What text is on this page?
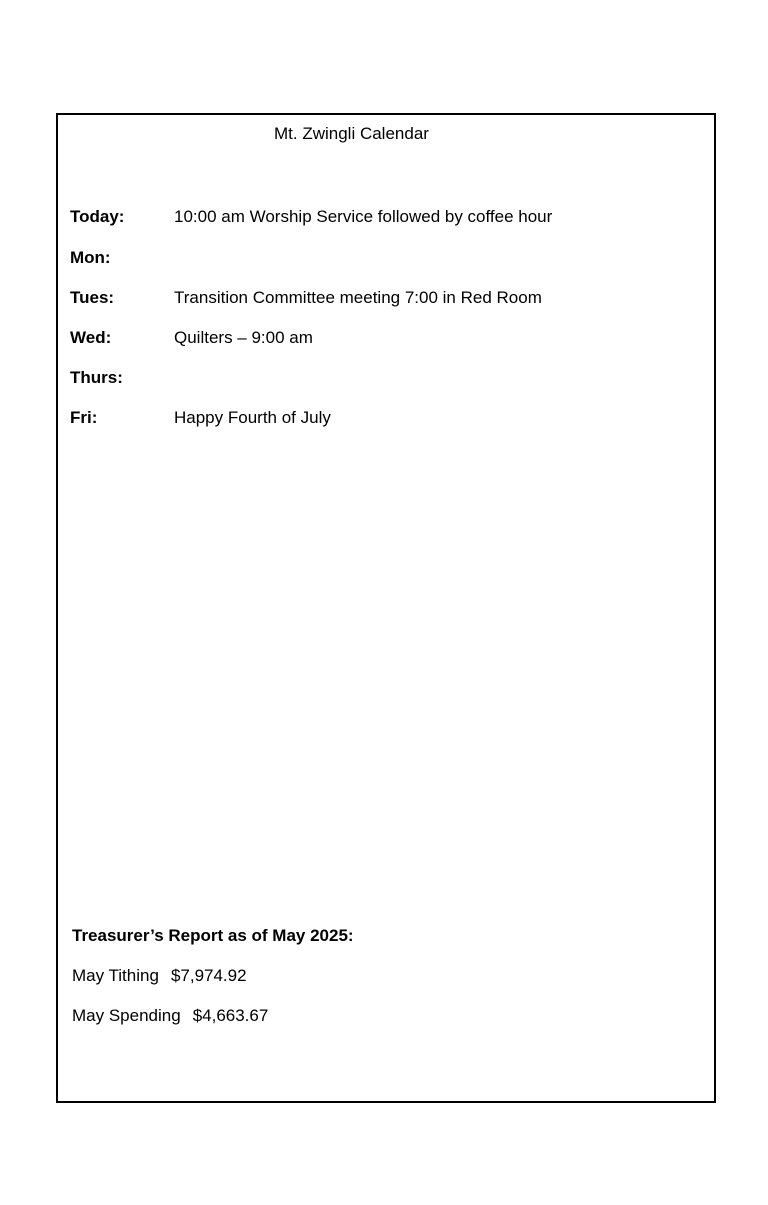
Mt. Zwingli Calendar
Today:	10:00 am Worship Service followed by coffee hour
Mon:
Tues:	Transition Committee meeting 7:00 in Red Room
Wed:	Quilters – 9:00 am
Thurs:
Fri:	Happy Fourth of July
Treasurer’s Report as of May 2025:
May Tithing $7,974.92
May Spending $4,663.67
